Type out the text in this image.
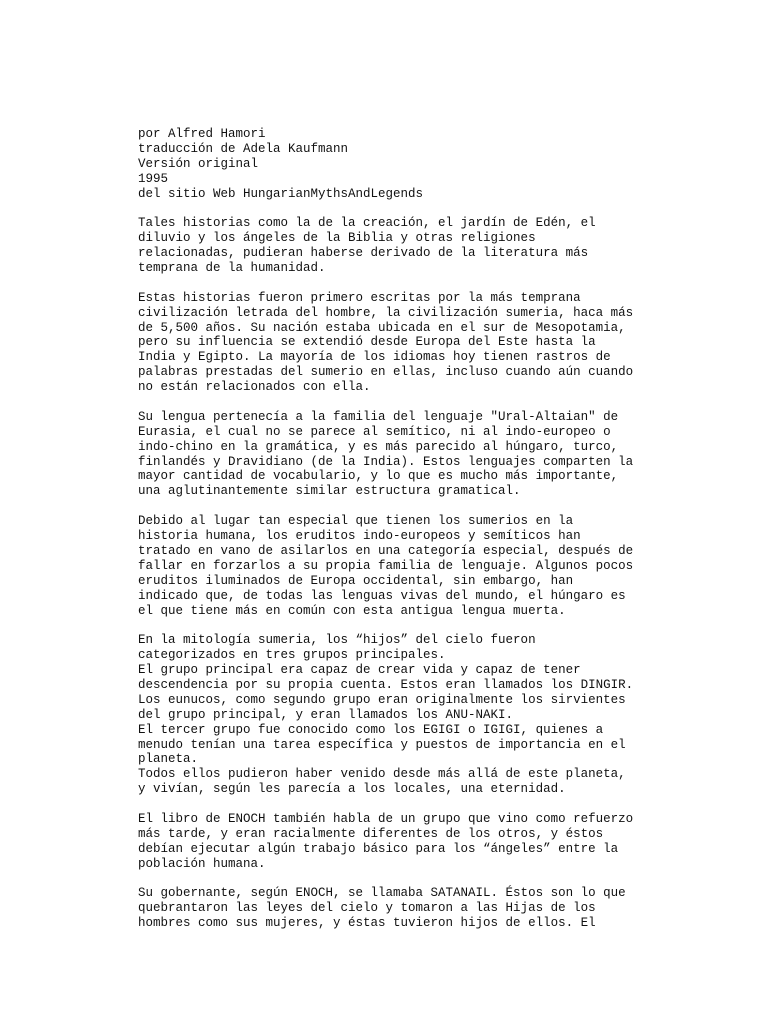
por Alfred Hamori
traducción de Adela Kaufmann
Versión original
1995
del sitio Web HungarianMythsAndLegends
Tales historias como la de la creación, el jardín de Edén, el
diluvio y los ángeles de la Biblia y otras religiones
relacionadas, pudieran haberse derivado de la literatura más
temprana de la humanidad.
Estas historias fueron primero escritas por la más temprana
civilización letrada del hombre, la civilización sumeria, haca más
de 5,500 años. Su nación estaba ubicada en el sur de Mesopotamia,
pero su influencia se extendió desde Europa del Este hasta la
India y Egipto. La mayoría de los idiomas hoy tienen rastros de
palabras prestadas del sumerio en ellas, incluso cuando aún cuando
no están relacionados con ella.
Su lengua pertenecía a la familia del lenguaje "Ural-Altaian" de
Eurasia, el cual no se parece al semítico, ni al indo-europeo o
indo-chino en la gramática, y es más parecido al húngaro, turco,
finlandés y Dravidiano (de la India). Estos lenguajes comparten la
mayor cantidad de vocabulario, y lo que es mucho más importante,
una aglutinantemente similar estructura gramatical.
Debido al lugar tan especial que tienen los sumerios en la
historia humana, los eruditos indo-europeos y semíticos han
tratado en vano de asilarlos en una categoría especial, después de
fallar en forzarlos a su propia familia de lenguaje. Algunos pocos
eruditos iluminados de Europa occidental, sin embargo, han
indicado que, de todas las lenguas vivas del mundo, el húngaro es
el que tiene más en común con esta antigua lengua muerta.
En la mitología sumeria, los “hijos” del cielo fueron
categorizados en tres grupos principales.
El grupo principal era capaz de crear vida y capaz de tener
descendencia por su propia cuenta. Estos eran llamados los DINGIR.
Los eunucos, como segundo grupo eran originalmente los sirvientes
del grupo principal, y eran llamados los ANU-NAKI.
El tercer grupo fue conocido como los EGIGI o IGIGI, quienes a
menudo tenían una tarea específica y puestos de importancia en el
planeta.
Todos ellos pudieron haber venido desde más allá de este planeta,
y vivían, según les parecía a los locales, una eternidad.
El libro de ENOCH también habla de un grupo que vino como refuerzo
más tarde, y eran racialmente diferentes de los otros, y éstos
debían ejecutar algún trabajo básico para los “ángeles” entre la
población humana.
Su gobernante, según ENOCH, se llamaba SATANAIL. Éstos son lo que
quebrantaron las leyes del cielo y tomaron a las Hijas de los
hombres como sus mujeres, y éstas tuvieron hijos de ellos. El
